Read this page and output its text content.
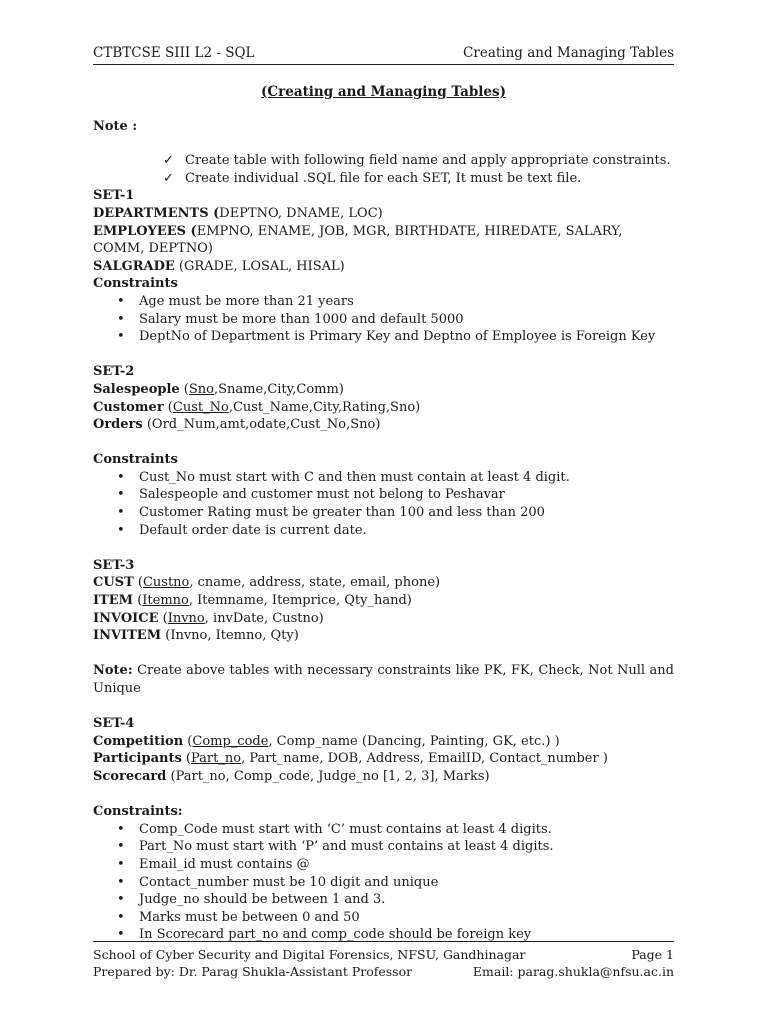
CTBTCSE SIII L2 - SQL	Creating and Managing Tables
(Creating and Managing Tables)
Note :
✓ Create table with following field name and apply appropriate constraints.
✓ Create individual .SQL file for each SET, It must be text file.
SET-1
DEPARTMENTS (DEPTNO, DNAME, LOC)
EMPLOYEES (EMPNO, ENAME, JOB, MGR, BIRTHDATE, HIREDATE, SALARY, COMM, DEPTNO)
SALGRADE (GRADE, LOSAL, HISAL)
Constraints
• Age must be more than 21 years
• Salary must be more than 1000 and default 5000
• DeptNo of Department is Primary Key and Deptno of Employee is Foreign Key
SET-2
Salespeople (Sno,Sname,City,Comm)
Customer (Cust_No,Cust_Name,City,Rating,Sno)
Orders (Ord_Num,amt,odate,Cust_No,Sno)
Constraints
• Cust_No must start with C and then must contain at least 4 digit.
• Salespeople and customer must not belong to Peshavar
• Customer Rating must be greater than 100 and less than 200
• Default order date is current date.
SET-3
CUST (Custno, cname, address, state, email, phone)
ITEM (Itemno, Itemname, Itemprice, Qty_hand)
INVOICE (Invno, invDate, Custno)
INVITEM (Invno, Itemno, Qty)
Note: Create above tables with necessary constraints like PK, FK, Check, Not Null and Unique
SET-4
Competition (Comp_code, Comp_name (Dancing, Painting, GK, etc.) )
Participants (Part_no, Part_name, DOB, Address, EmailID, Contact_number )
Scorecard (Part_no, Comp_code, Judge_no [1, 2, 3], Marks)
Constraints:
• Comp_Code must start with ‘C’ must contains at least 4 digits.
• Part_No must start with ‘P’ and must contains at least 4 digits.
• Email_id must contains @
• Contact_number must be 10 digit and unique
• Judge_no should be between 1 and 3.
• Marks must be between 0 and 50
• In Scorecard part_no and comp_code should be foreign key
School of Cyber Security and Digital Forensics, NFSU, Gandhinagar	Page 1
Prepared by: Dr. Parag Shukla-Assistant Professor	Email: parag.shukla@nfsu.ac.in
